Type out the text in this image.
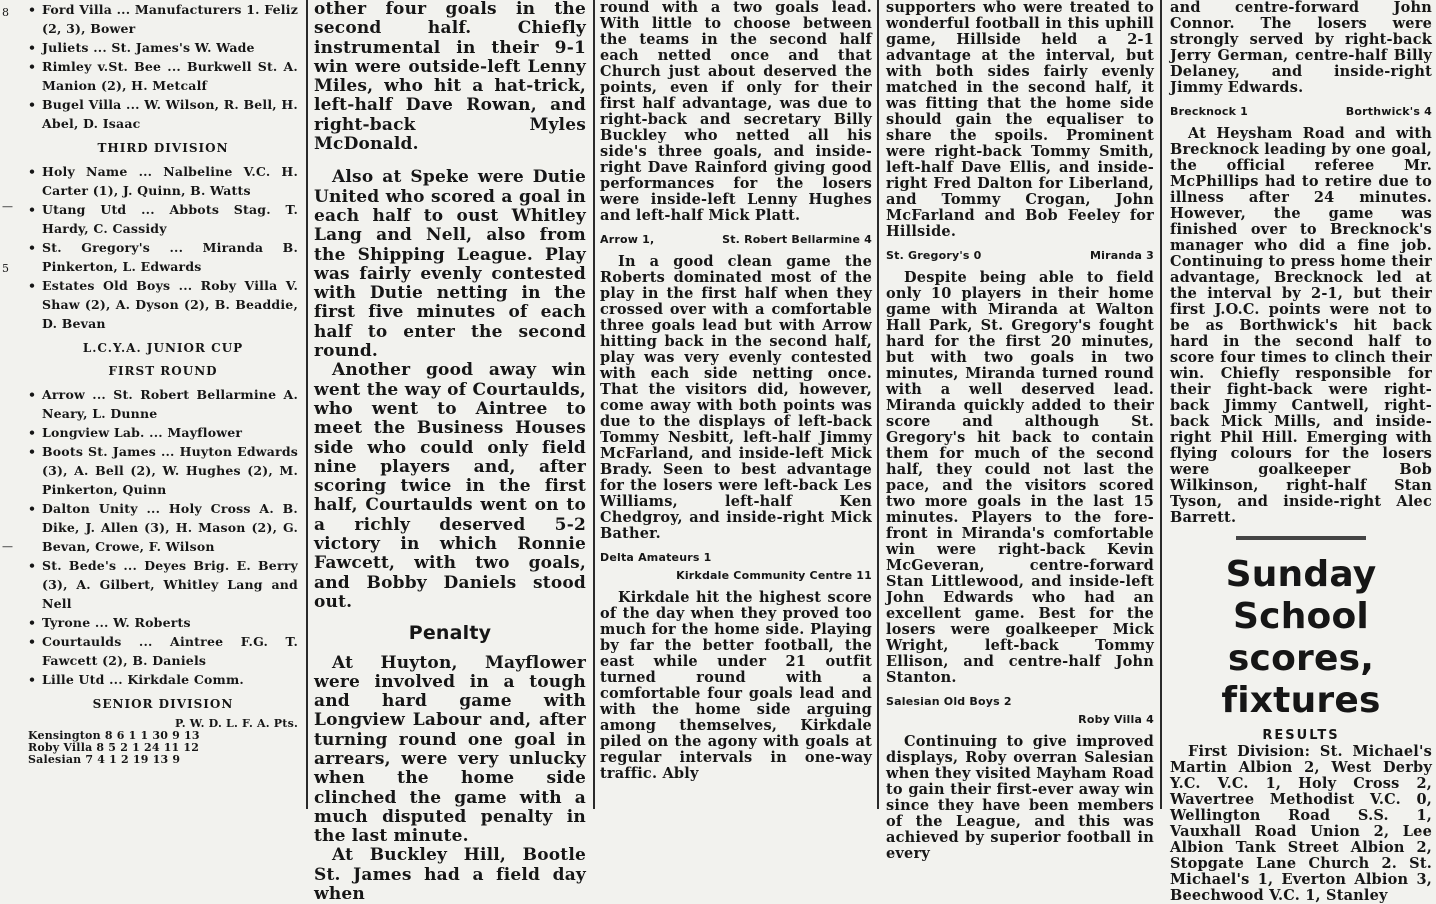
8
—
5
—
• Ford Villa ... Manufacturers 1. Feliz (2, 3), Bower
• Juliets ... St. James's W. Wade
• Rimley v.St. Bee ... Burkwell St. A. Manion (2), H. Metcalf
• Bugel Villa ... W. Wilson, R. Bell, H. Abel, D. Isaac
THIRD DIVISION
• Holy Name ... Nalbeline V.C. H. Carter (1), J. Quinn, B. Watts
• Utang Utd ... Abbots Stag. T. Hardy, C. Cassidy
• St. Gregory's ... Miranda B. Pinkerton, L. Edwards
• Estates Old Boys ... Roby Villa V. Shaw (2), A. Dyson (2), B. Beaddie, D. Bevan
L.C.Y.A. JUNIOR CUP
FIRST ROUND
• Arrow ... St. Robert Bellarmine A. Neary, L. Dunne
• Longview Lab. ... Mayflower
• Boots St. James ... Huyton Edwards (3), A. Bell (2), W. Hughes (2), M. Pinkerton, Quinn
• Dalton Unity ... Holy Cross A. B. Dike, J. Allen (3), H. Mason (2), G. Bevan, Crowe, F. Wilson
• St. Bede's ... Deyes Brig. E. Berry (3), A. Gilbert, Whitley Lang and Nell
• Tyrone ... W. Roberts
• Courtaulds ... Aintree F.G. T. Fawcett (2), B. Daniels
• Lille Utd ... Kirkdale Comm.
SENIOR DIVISION
P. W. D. L. F. A. Pts.
Kensington 8 6 1 1 30 9 13
Roby Villa 8 5 2 1 24 11 12
Salesian 7 4 1 2 19 13 9

other four goals in the second half. Chiefly instrumental in their 9-1 win were outside-left Lenny Miles, who hit a hat-trick, left-half Dave Rowan, and right-back Myles McDonald.

Also at Speke were Dutie United who scored a goal in each half to oust Whitley Lang and Nell, also from the Shipping League. Play was fairly evenly contested with Dutie netting in the first five minutes of each half to enter the second round.

Another good away win went the way of Courtaulds, who went to Aintree to meet the Business Houses side who could only field nine players and, after scoring twice in the first half, Courtaulds went on to a richly deserved 5-2 victory in which Ronnie Fawcett, with two goals, and Bobby Daniels stood out.

Penalty

At Huyton, Mayflower were involved in a tough and hard game with Longview Labour and, after turning round one goal in arrears, were very unlucky when the home side clinched the game with a much disputed penalty in the last minute.

At Buckley Hill, Bootle St. James had a field day when

round with a two goals lead. With little to choose between the teams in the second half each netted once and that Church just about deserved the points, even if only for their first half advantage, was due to right-back and secretary Billy Buckley who netted all his side's three goals, and inside-right Dave Rainford giving good performances for the losers were inside-left Lenny Hughes and left-half Mick Platt.

Arrow 1,	St. Robert Bellarmine 4

In a good clean game the Roberts dominated most of the play in the first half when they crossed over with a comfortable three goals lead but with Arrow hitting back in the second half, play was very evenly contested with each side netting once. That the visitors did, however, come away with both points was due to the displays of left-back Tommy Nesbitt, left-half Jimmy McFarland, and inside-left Mick Brady. Seen to best advantage for the losers were left-back Les Williams, left-half Ken Chedgroy, and inside-right Mick Bather.

Delta Amateurs 1
Kirkdale Community Centre 11

Kirkdale hit the highest score of the day when they proved too much for the home side. Playing by far the better football, the east while under 21 outfit turned round with a comfortable four goals lead and with the home side arguing among themselves, Kirkdale piled on the agony with goals at regular intervals in one-way traffic. Ably

supporters who were treated to wonderful football in this uphill game, Hillside held a 2-1 advantage at the interval, but with both sides fairly evenly matched in the second half, it was fitting that the home side should gain the equaliser to share the spoils. Prominent were right-back Tommy Smith, left-half Dave Ellis, and inside-right Fred Dalton for Liberland, and Tommy Crogan, John McFarland and Bob Feeley for Hillside.

St. Gregory's 0	Miranda 3

Despite being able to field only 10 players in their home game with Miranda at Walton Hall Park, St. Gregory's fought hard for the first 20 minutes, but with two goals in two minutes, Miranda turned round with a well deserved lead. Miranda quickly added to their score and although St. Gregory's hit back to contain them for much of the second half, they could not last the pace, and the visitors scored two more goals in the last 15 minutes. Players to the fore-front in Miranda's comfortable win were right-back Kevin McGeveran, centre-forward Stan Littlewood, and inside-left John Edwards who had an excellent game. Best for the losers were goalkeeper Mick Wright, left-back Tommy Ellison, and centre-half John Stanton.

Salesian Old Boys 2
Roby Villa 4

Continuing to give improved displays, Roby overran Salesian when they visited Mayham Road to gain their first-ever away win since they have been members of the League, and this was achieved by superior football in every

and centre-forward John Connor. The losers were strongly served by right-back Jerry German, centre-half Billy Delaney, and inside-right Jimmy Edwards.

Brecknock 1	Borthwick's 4

At Heysham Road and with Brecknock leading by one goal, the official referee Mr. McPhillips had to retire due to illness after 24 minutes. However, the game was finished over to Brecknock's manager who did a fine job. Continuing to press home their advantage, Brecknock led at the interval by 2-1, but their first J.O.C. points were not to be as Borthwick's hit back hard in the second half to score four times to clinch their win. Chiefly responsible for their fight-back were right-back Jimmy Cantwell, right-back Mick Mills, and inside-right Phil Hill. Emerging with flying colours for the losers were goalkeeper Bob Wilkinson, right-half Stan Tyson, and inside-right Alec Barrett.

Sunday School
scores, fixtures
RESULTS

First Division: St. Michael's Martin Albion 2, West Derby Y.C. V.C. 1, Holy Cross 2, Wavertree Methodist V.C. 0, Wellington Road S.S. 1, Vauxhall Road Union 2, Lee Albion Tank Street Albion 2, Stopgate Lane Church 2. St. Michael's 1, Everton Albion 3, Beechwood V.C. 1, Stanley
